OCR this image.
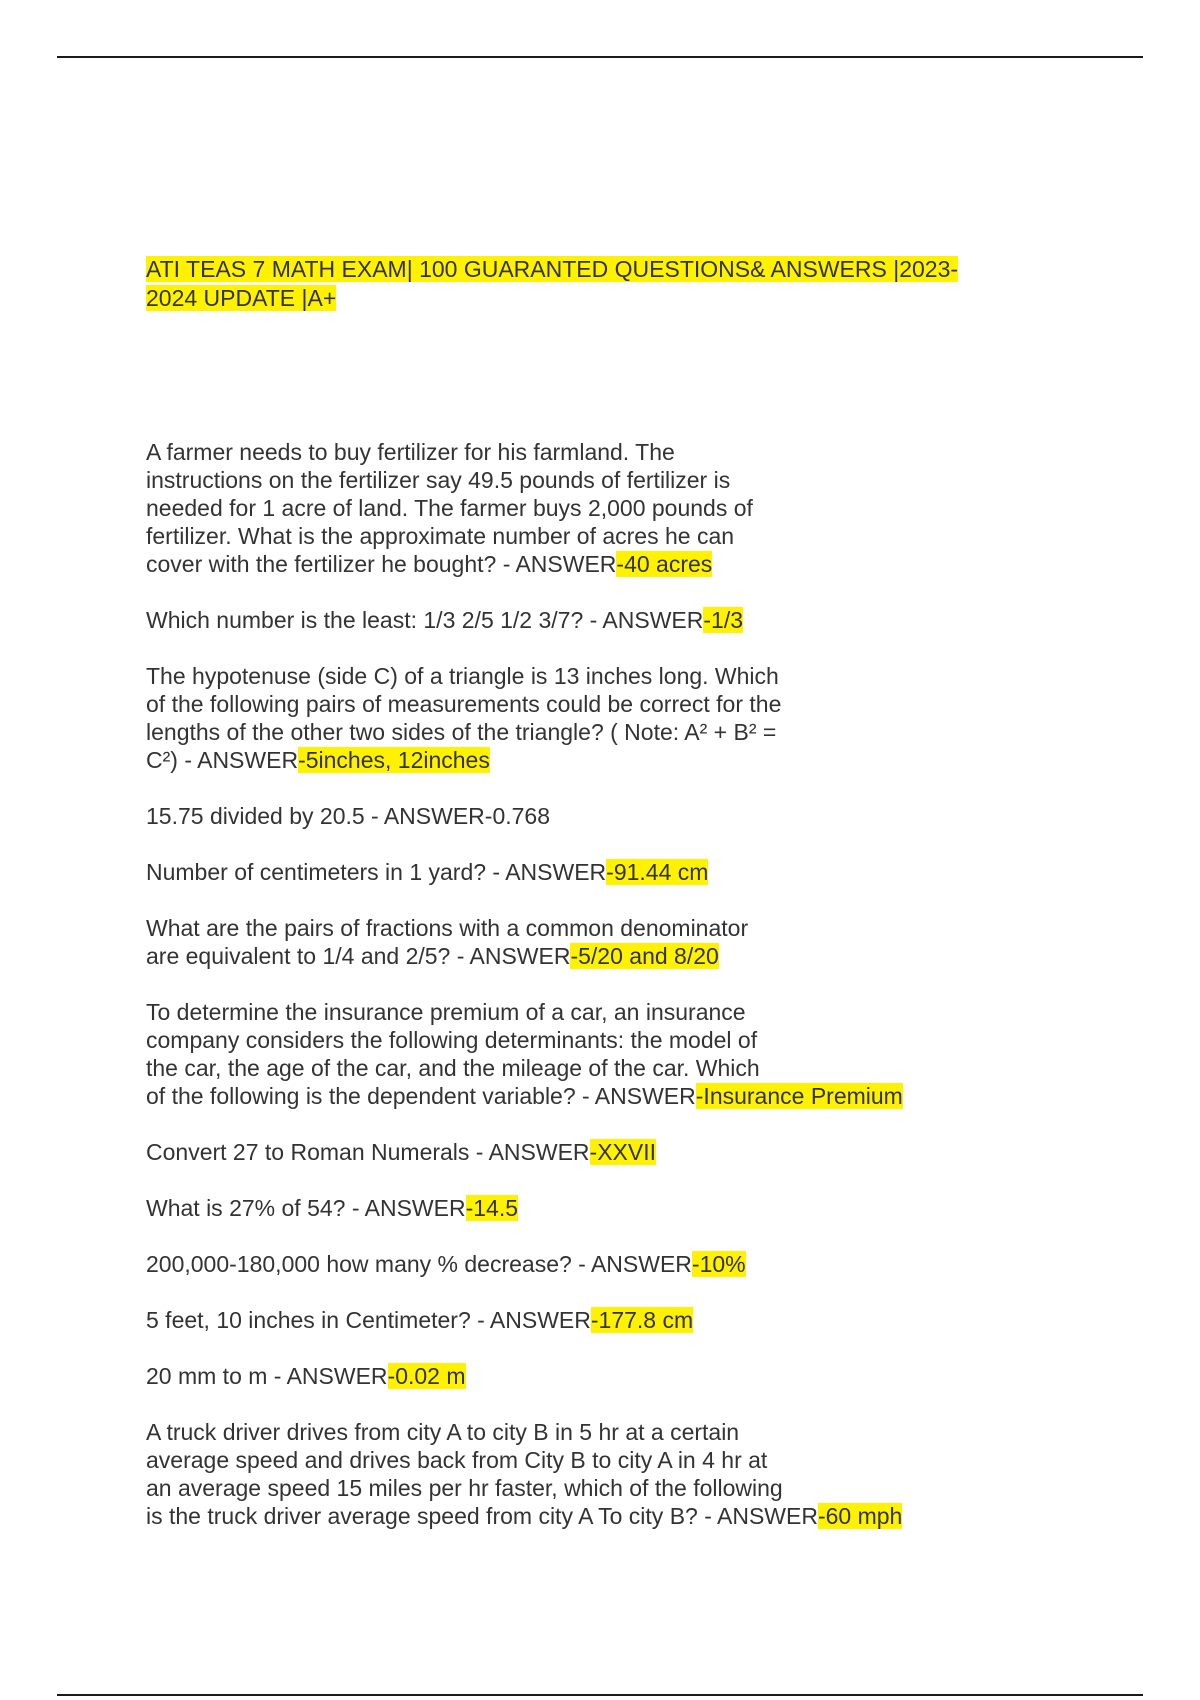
ATI TEAS 7 MATH EXAM| 100 GUARANTED QUESTIONS& ANSWERS |2023-
2024 UPDATE |A+
A farmer needs to buy fertilizer for his farmland. The
instructions on the fertilizer say 49.5 pounds of fertilizer is
needed for 1 acre of land. The farmer buys 2,000 pounds of
fertilizer. What is the approximate number of acres he can
cover with the fertilizer he bought? - ANSWER-40 acres
Which number is the least: 1/3 2/5 1/2 3/7? - ANSWER-1/3
The hypotenuse (side C) of a triangle is 13 inches long. Which
of the following pairs of measurements could be correct for the
lengths of the other two sides of the triangle? ( Note: A² + B² =
C²) - ANSWER-5inches, 12inches
15.75 divided by 20.5 - ANSWER-0.768
Number of centimeters in 1 yard? - ANSWER-91.44 cm
What are the pairs of fractions with a common denominator
are equivalent to 1/4 and 2/5? - ANSWER-5/20 and 8/20
To determine the insurance premium of a car, an insurance
company considers the following determinants: the model of
the car, the age of the car, and the mileage of the car. Which
of the following is the dependent variable? - ANSWER-Insurance Premium
Convert 27 to Roman Numerals - ANSWER-XXVII
What is 27% of 54? - ANSWER-14.5
200,000-180,000 how many % decrease? - ANSWER-10%
5 feet, 10 inches in Centimeter? - ANSWER-177.8 cm
20 mm to m - ANSWER-0.02 m
A truck driver drives from city A to city B in 5 hr at a certain
average speed and drives back from City B to city A in 4 hr at
an average speed 15 miles per hr faster, which of the following
is the truck driver average speed from city A To city B? - ANSWER-60 mph
